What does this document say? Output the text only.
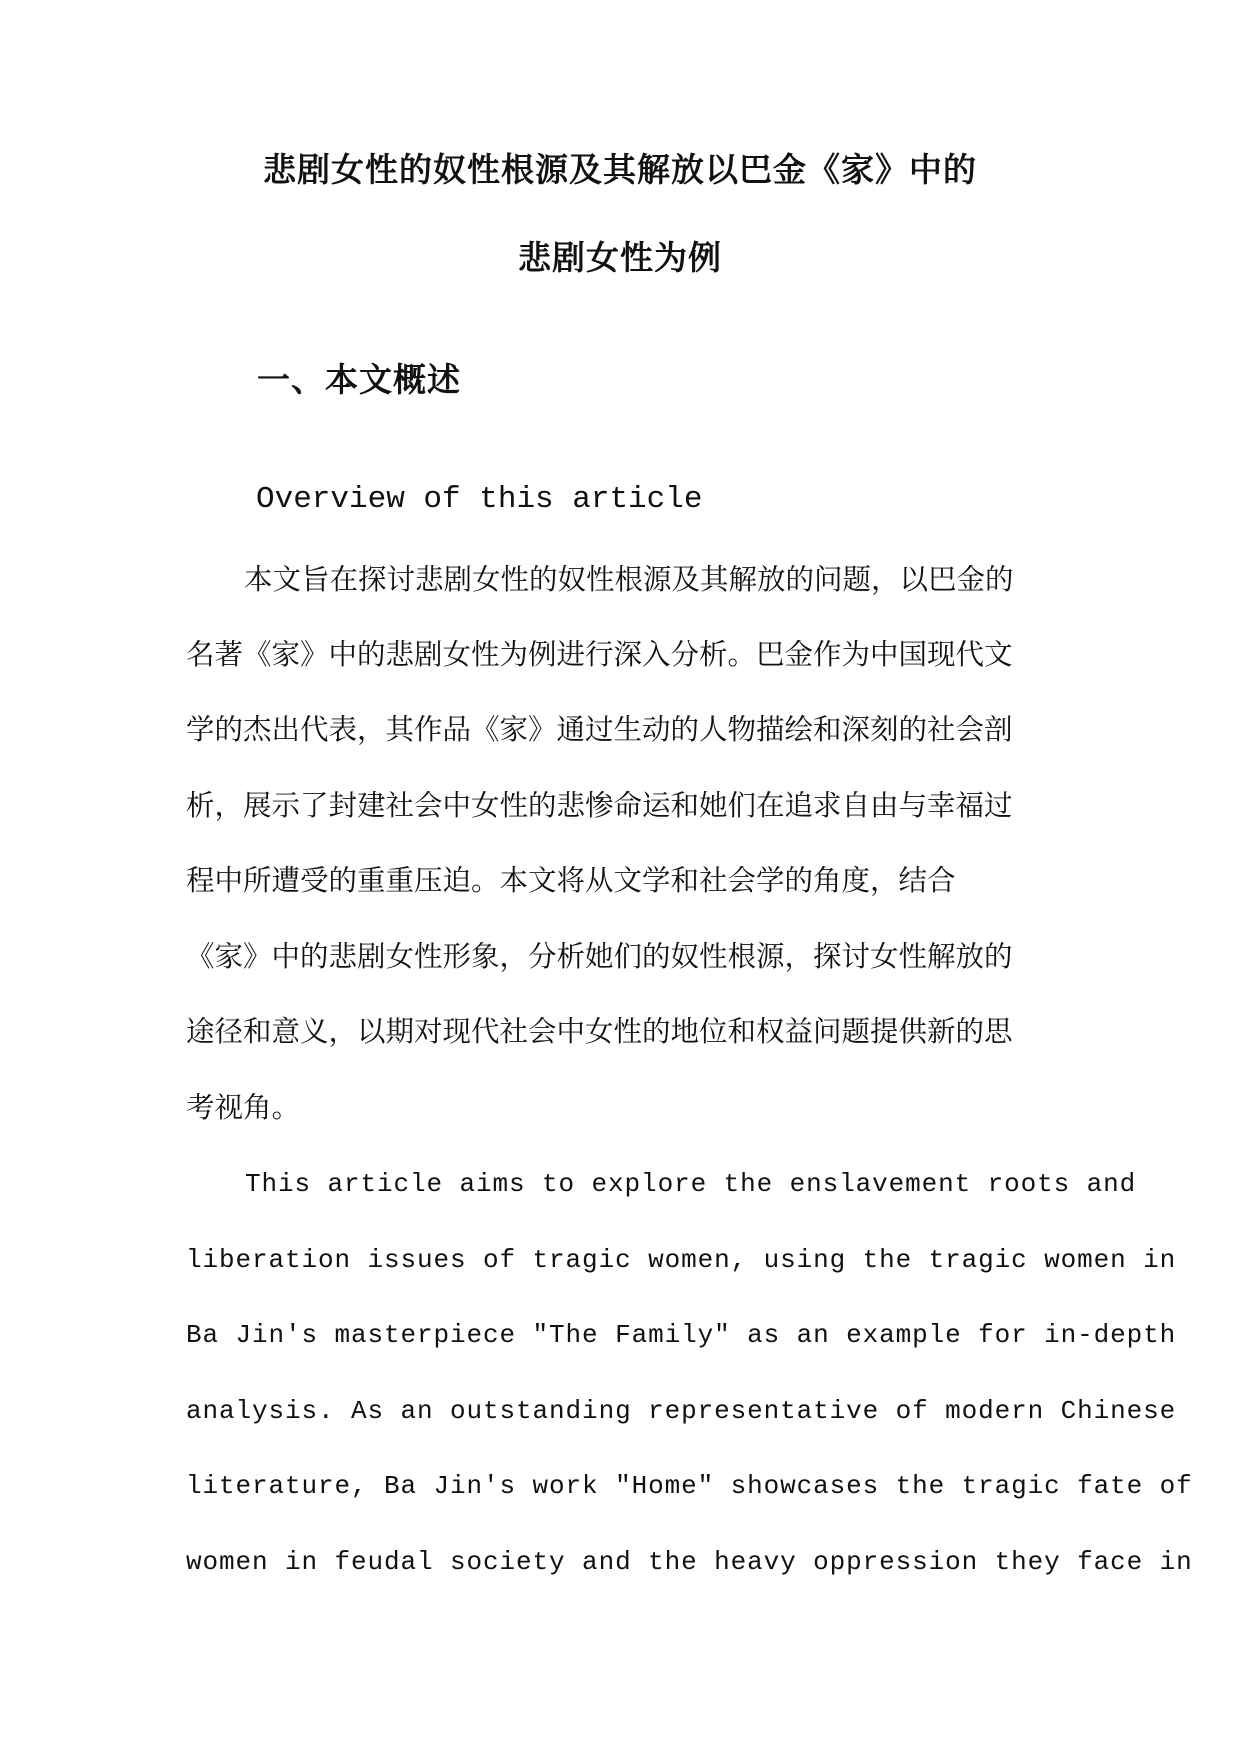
悲剧女性的奴性根源及其解放以巴金《家》中的
悲剧女性为例
一、本文概述
Overview of this article
本文旨在探讨悲剧女性的奴性根源及其解放的问题，以巴金的
名著《家》中的悲剧女性为例进行深入分析。巴金作为中国现代文
学的杰出代表，其作品《家》通过生动的人物描绘和深刻的社会剖
析，展示了封建社会中女性的悲惨命运和她们在追求自由与幸福过
程中所遭受的重重压迫。本文将从文学和社会学的角度，结合
《家》中的悲剧女性形象，分析她们的奴性根源，探讨女性解放的
途径和意义，以期对现代社会中女性的地位和权益问题提供新的思
考视角。
This article aims to explore the enslavement roots and
liberation issues of tragic women, using the tragic women in
Ba Jin's masterpiece "The Family" as an example for in-depth
analysis. As an outstanding representative of modern Chinese
literature, Ba Jin's work "Home" showcases the tragic fate of
women in feudal society and the heavy oppression they face in
